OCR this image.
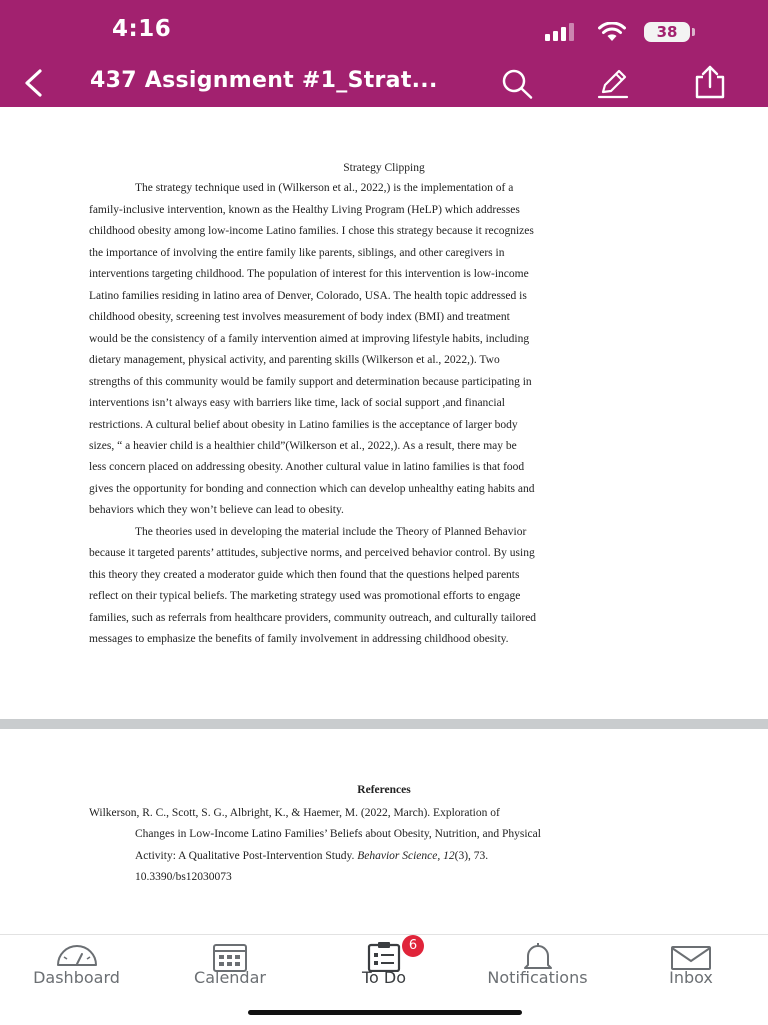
4:16	38
437 Assignment #1_Strat...
Strategy Clipping
The strategy technique used in (Wilkerson et al., 2022,) is the implementation of a
family-inclusive intervention, known as the Healthy Living Program (HeLP) which addresses
childhood obesity among low-income Latino families. I chose this strategy because it recognizes
the importance of involving the entire family like parents, siblings, and other caregivers in
interventions targeting childhood. The population of interest for this intervention is low-income
Latino families residing in latino area of Denver, Colorado, USA. The health topic addressed is
childhood obesity, screening test involves measurement of body index (BMI) and treatment
would be the consistency of a family intervention aimed at improving lifestyle habits, including
dietary management, physical activity, and parenting skills (Wilkerson et al., 2022,). Two
strengths of this community would be family support and determination because participating in
interventions isn’t always easy with barriers like time, lack of social support ,and financial
restrictions. A cultural belief about obesity in Latino families is the acceptance of larger body
sizes, “ a heavier child is a healthier child”(Wilkerson et al., 2022,). As a result, there may be
less concern placed on addressing obesity. Another cultural value in latino families is that food
gives the opportunity for bonding and connection which can develop unhealthy eating habits and
behaviors which they won’t believe can lead to obesity.
The theories used in developing the material include the Theory of Planned Behavior
because it targeted parents’ attitudes, subjective norms, and perceived behavior control. By using
this theory they created a moderator guide which then found that the questions helped parents
reflect on their typical beliefs. The marketing strategy used was promotional efforts to engage
families, such as referrals from healthcare providers, community outreach, and culturally tailored
messages to emphasize the benefits of family involvement in addressing childhood obesity.
References
Wilkerson, R. C., Scott, S. G., Albright, K., & Haemer, M. (2022, March). Exploration of
Changes in Low-Income Latino Families’ Beliefs about Obesity, Nutrition, and Physical
Activity: A Qualitative Post-Intervention Study. Behavior Science, 12(3), 73.
10.3390/bs12030073
Dashboard	Calendar
6
To Do	Notifications	Inbox
